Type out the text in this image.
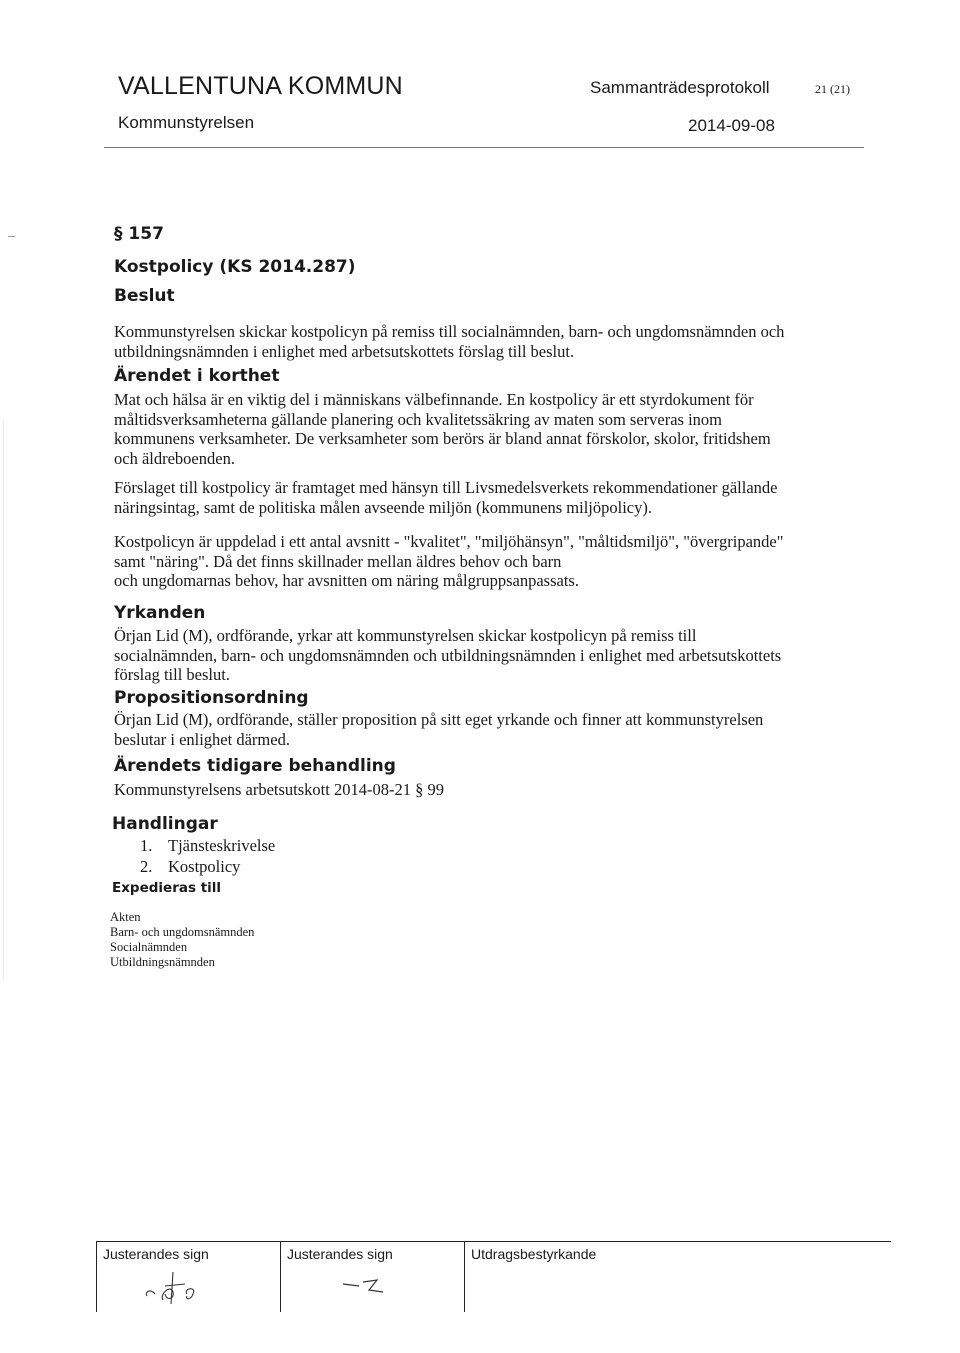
VALLENTUNA KOMMUN	Sammanträdesprotokoll	21 (21)
Kommunstyrelsen	2014-09-08
§ 157
Kostpolicy (KS 2014.287)
Beslut

Kommunstyrelsen skickar kostpolicyn på remiss till socialnämnden, barn- och ungdomsnämnden och

utbildningsnämnden i enlighet med arbetsutskottets förslag till beslut.

Ärendet i korthet

Mat och hälsa är en viktig del i människans välbefinnande. En kostpolicy är ett styrdokument för

måltidsverksamheterna gällande planering och kvalitetssäkring av maten som serveras inom

kommunens verksamheter. De verksamheter som berörs är bland annat förskolor, skolor, fritidshem

och äldreboenden.

Förslaget till kostpolicy är framtaget med hänsyn till Livsmedelsverkets rekommendationer gällande

näringsintag, samt de politiska målen avseende miljön (kommunens miljöpolicy).

Kostpolicyn är uppdelad i ett antal avsnitt - "kvalitet", "miljöhänsyn", "måltidsmiljö", "övergripande"

samt "näring". Då det finns skillnader mellan äldres behov och barn

och ungdomarnas behov, har avsnitten om näring målgruppsanpassats.

Yrkanden

Örjan Lid (M), ordförande, yrkar att kommunstyrelsen skickar kostpolicyn på remiss till

socialnämnden, barn- och ungdomsnämnden och utbildningsnämnden i enlighet med arbetsutskottets

förslag till beslut.

Propositionsordning

Örjan Lid (M), ordförande, ställer proposition på sitt eget yrkande och finner att kommunstyrelsen

beslutar i enlighet därmed.

Ärendets tidigare behandling
Kommunstyrelsens arbetsutskott 2014-08-21 § 99
Handlingar
1. Tjänsteskrivelse
2. Kostpolicy
Expedieras till
Akten
Barn- och ungdomsnämnden
Socialnämnden
Utbildningsnämnden
Justerandes sign	Justerandes sign	Utdragsbestyrkande
